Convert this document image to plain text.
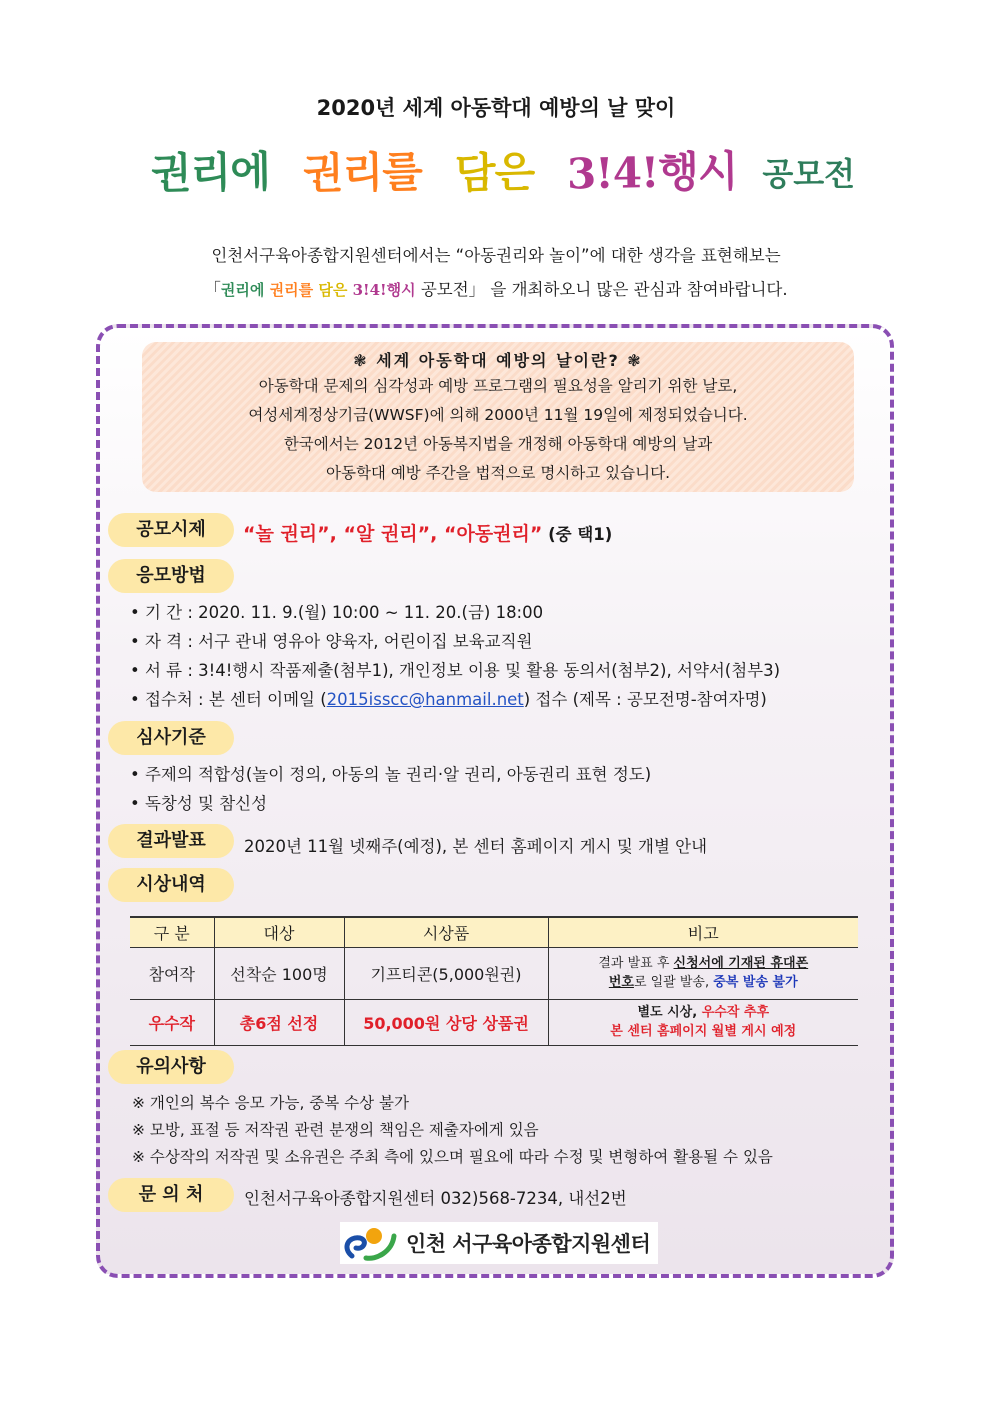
2020년 세계 아동학대 예방의 날 맞이
권리에 권리를 담은 3!4!행시 공모전
인천서구육아종합지원센터에서는 “아동권리와 놀이”에 대한 생각을 표현해보는
「권리에 권리를 담은 3!4!행시 공모전」 을 개최하오니 많은 관심과 참여바랍니다.
❃ 세계 아동학대 예방의 날이란? ❃
아동학대 문제의 심각성과 예방 프로그램의 필요성을 알리기 위한 날로,
여성세계정상기금(WWSF)에 의해 2000년 11월 19일에 제정되었습니다.
한국에서는 2012년 아동복지법을 개정해 아동학대 예방의 날과
아동학대 예방 주간을 법적으로 명시하고 있습니다.
공모시제	“놀 권리”, “알 권리”, “아동권리” (중 택1)
응모방법
• 기 간 : 2020. 11. 9.(월) 10:00 ~ 11. 20.(금) 18:00
• 자 격 : 서구 관내 영유아 양육자, 어린이집 보육교직원
• 서 류 : 3!4!행시 작품제출(첨부1), 개인정보 이용 및 활용 동의서(첨부2), 서약서(첨부3)
• 접수처 : 본 센터 이메일 (2015isscc@hanmail.net) 접수 (제목 : 공모전명-참여자명)
심사기준
• 주제의 적합성(놀이 정의, 아동의 놀 권리·알 권리, 아동권리 표현 정도)
• 독창성 및 참신성
결과발표	2020년 11월 넷째주(예정), 본 센터 홈페이지 게시 및 개별 안내
시상내역
구 분	대상	시상품	비고
참여작	선착순 100명	기프티콘(5,000원권)	결과 발표 후 신청서에 기재된 휴대폰
번호로 일괄 발송, 중복 발송 불가

우수작	총6점 선정	50,000원 상당 상품권	별도 시상, 우수작 추후
본 센터 홈페이지 월별 게시 예정
유의사항
※ 개인의 복수 응모 가능, 중복 수상 불가
※ 모방, 표절 등 저작권 관련 분쟁의 책임은 제출자에게 있음
※ 수상작의 저작권 및 소유권은 주최 측에 있으며 필요에 따라 수정 및 변형하여 활용될 수 있음
문 의 처	인천서구육아종합지원센터 032)568-7234, 내선2번
인천 서구육아종합지원센터
